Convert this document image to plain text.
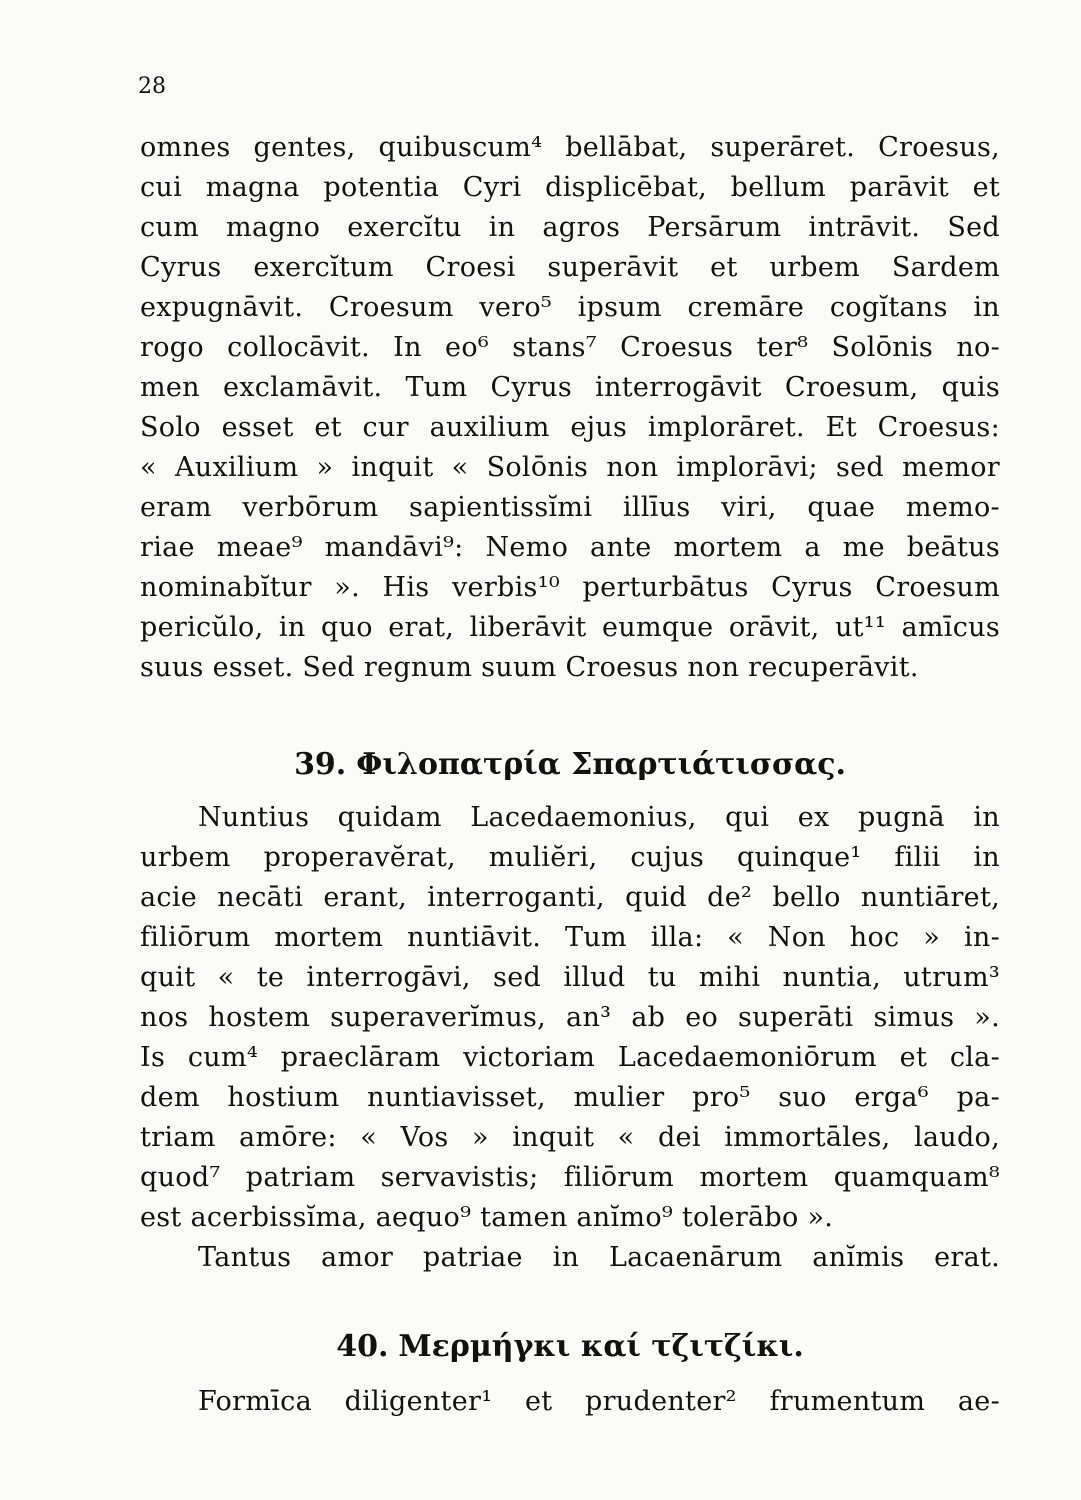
28
omnes gentes, quibuscum⁴ bellābat, superāret. Croesus,
cui magna potentia Cyri displicēbat, bellum parāvit et
cum magno exercĭtu in agros Persārum intrāvit. Sed
Cyrus exercĭtum Croesi superāvit et urbem Sardem
expugnāvit. Croesum vero⁵ ipsum cremāre cogĭtans in
rogo collocāvit. In eo⁶ stans⁷ Croesus ter⁸ Solōnis no-
men exclamāvit. Tum Cyrus interrogāvit Croesum, quis
Solo esset et cur auxilium ejus implorāret. Et Croesus:
« Auxilium » inquit « Solōnis non implorāvi; sed memor
eram verbōrum sapientissĭmi illīus viri, quae memo-
riae meae⁹ mandāvi⁹: Nemo ante mortem a me beātus
nominabĭtur ». His verbis¹⁰ perturbātus Cyrus Croesum
pericŭlo, in quo erat, liberāvit eumque orāvit, ut¹¹ amīcus
suus esset. Sed regnum suum Croesus non recuperāvit.
39. Φιλοπατρία Σπαρτιάτισσας.
Nuntius quidam Lacedaemonius, qui ex pugnā in
urbem properavĕrat, muliĕri, cujus quinque¹ filii in
acie necāti erant, interroganti, quid de² bello nuntiāret,
filiōrum mortem nuntiāvit. Tum illa: « Non hoc » in-
quit « te interrogāvi, sed illud tu mihi nuntia, utrum³
nos hostem superaverĭmus, an³ ab eo superāti simus ».
Is cum⁴ praeclāram victoriam Lacedaemoniōrum et cla-
dem hostium nuntiavisset, mulier pro⁵ suo erga⁶ pa-
triam amōre: « Vos » inquit « dei immortāles, laudo,
quod⁷ patriam servavistis; filiōrum mortem quamquam⁸
est acerbissĭma, aequo⁹ tamen anĭmo⁹ tolerābo ».
Tantus amor patriae in Lacaenārum anĭmis erat.
40. Μερμήγκι καί τζιτζίκι.
Formīca diligenter¹ et prudenter² frumentum ae-
